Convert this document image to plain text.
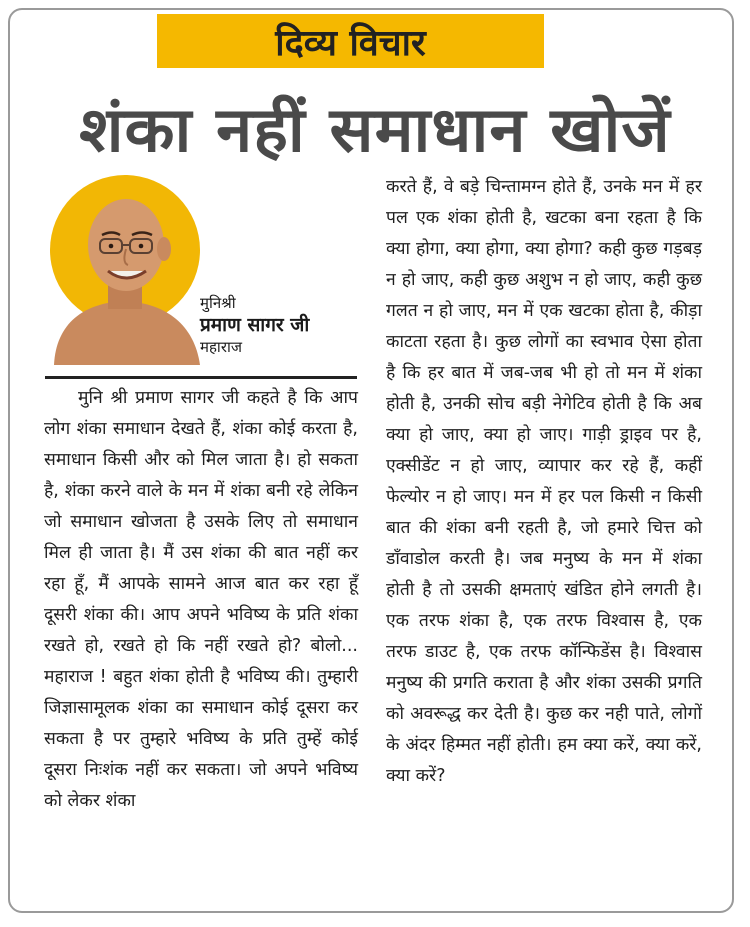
दिव्य विचार
शंका नहीं समाधान खोजें
मुनिश्री
प्रमाण सागर जी
महाराज
मुनि श्री प्रमाण सागर जी कहते है कि आप लोग शंका समाधान देखते हैं, शंका कोई करता है, समाधान किसी और को मिल जाता है। हो सकता है, शंका करने वाले के मन में शंका बनी रहे लेकिन जो समाधान खोजता है उसके लिए तो समाधान मिल ही जाता है। मैं उस शंका की बात नहीं कर रहा हूँ, मैं आपके सामने आज बात कर रहा हूँ दूसरी शंका की। आप अपने भविष्य के प्रति शंका रखते हो, रखते हो कि नहीं रखते हो? बोलो... महाराज ! बहुत शंका होती है भविष्य की। तुम्हारी जिज्ञासामूलक शंका का समाधान कोई दूसरा कर सकता है पर तुम्हारे भविष्य के प्रति तुम्हें कोई दूसरा निःशंक नहीं कर सकता। जो अपने भविष्य को लेकर शंका
करते हैं, वे बड़े चिन्तामग्न होते हैं, उनके मन में हर पल एक शंका होती है, खटका बना रहता है कि क्या होगा, क्या होगा, क्या होगा? कही कुछ गड़बड़ न हो जाए, कही कुछ अशुभ न हो जाए, कही कुछ गलत न हो जाए, मन में एक खटका होता है, कीड़ा काटता रहता है। कुछ लोगों का स्वभाव ऐसा होता है कि हर बात में जब-जब भी हो तो मन में शंका होती है, उनकी सोच बड़ी नेगेटिव होती है कि अब क्या हो जाए, क्या हो जाए। गाड़ी ड्राइव पर है, एक्सीडेंट न हो जाए, व्यापार कर रहे हैं, कहीं फेल्योर न हो जाए। मन में हर पल किसी न किसी बात की शंका बनी रहती है, जो हमारे चित्त को डाँवाडोल करती है। जब मनुष्य के मन में शंका होती है तो उसकी क्षमताएं खंडित होने लगती है। एक तरफ शंका है, एक तरफ विश्वास है, एक तरफ डाउट है, एक तरफ कॉन्फिडेंस है। विश्वास मनुष्य की प्रगति कराता है और शंका उसकी प्रगति को अवरूद्ध कर देती है। कुछ कर नही पाते, लोगों के अंदर हिम्मत नहीं होती। हम क्या करें, क्या करें, क्या करें?
